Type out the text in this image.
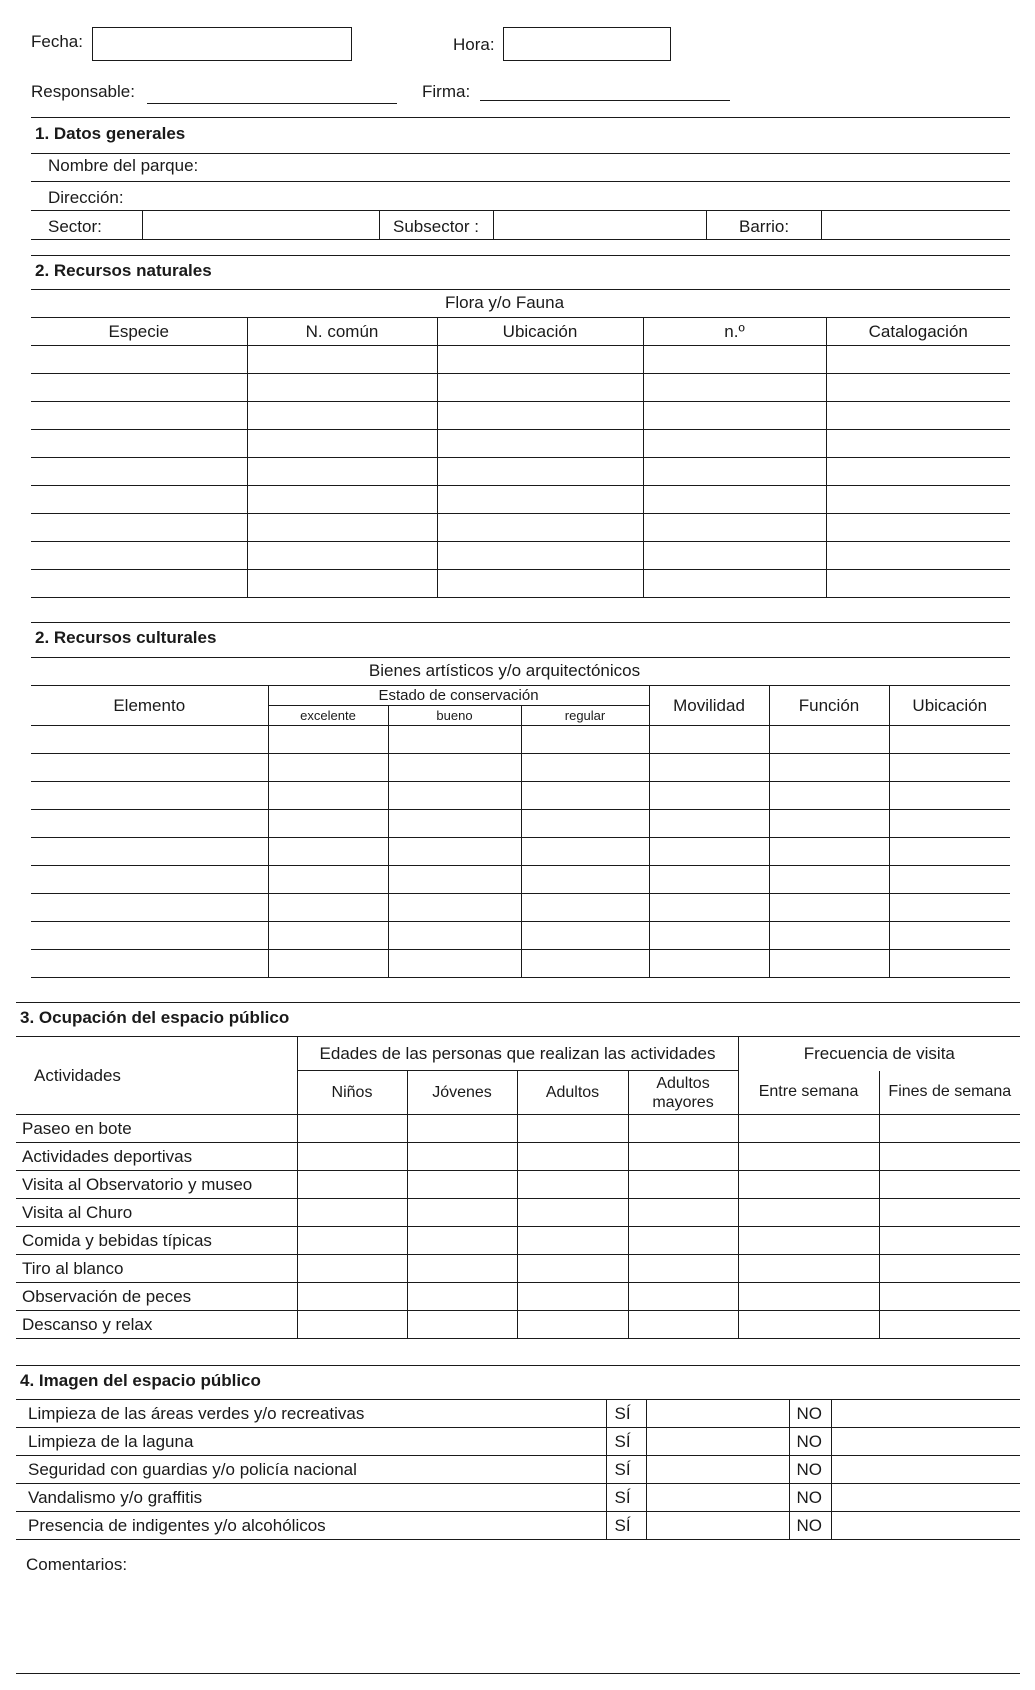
Fecha:	Hora:
Responsable:	Firma:
1. Datos generales
Nombre del parque:
Dirección:
Sector:	Subsector :	Barrio:
2. Recursos naturales
Flora y/o Fauna
Especie	N. común	Ubicación	n.º	Catalogación

2. Recursos culturales
Bienes artísticos y/o arquitectónicos
Elemento	Estado de conservación			Movilidad	Función	Ubicación
	excelente	bueno	regular			

3. Ocupación del espacio público
Actividades	Edades de las personas que realizan las actividades				Frecuencia de visita	
	Niños	Jóvenes	Adultos	Adultos mayores	Entre semana	Fines de semana
Paseo en bote						
Actividades deportivas						
Visita al Observatorio y museo						
Visita al Churo						
Comida y bebidas típicas						
Tiro al blanco						
Observación de peces						
Descanso y relax						
4. Imagen del espacio público
Limpieza de las áreas verdes y/o recreativas	SÍ		NO	
Limpieza de la laguna	SÍ		NO	
Seguridad con guardias y/o policía nacional	SÍ		NO	
Vandalismo y/o graffitis	SÍ		NO	
Presencia de indigentes y/o alcohólicos	SÍ		NO	
Comentarios:
